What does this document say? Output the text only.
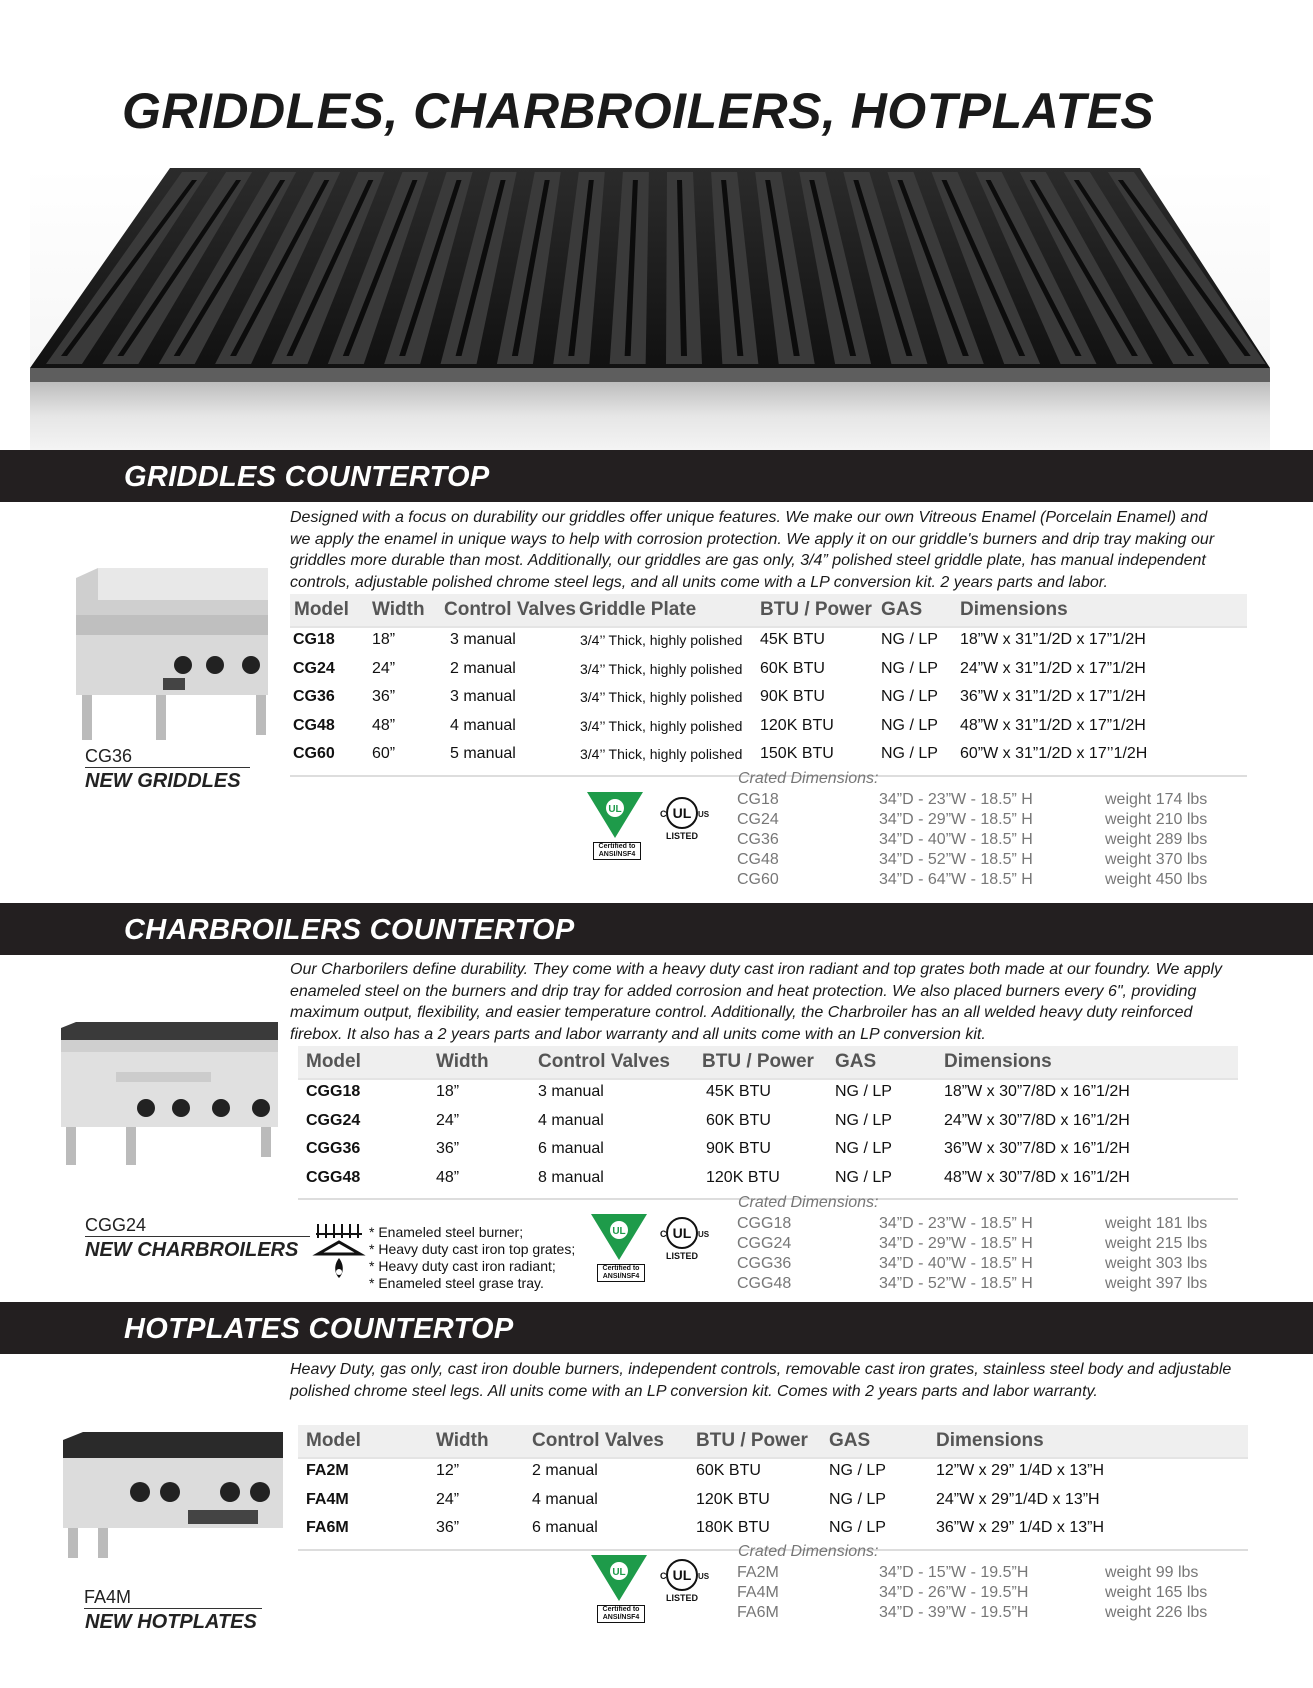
GRIDDLES, CHARBROILERS, HOTPLATES
GRIDDLES COUNTERTOP
Designed with a focus on durability our griddles offer unique features. We make our own Vitreous Enamel (Porcelain Enamel) and
we apply the enamel in unique ways to help with corrosion protection. We apply it on our griddle's burners and drip tray making our
griddles more durable than most. Additionally, our griddles are gas only, 3/4” polished steel griddle plate, has manual independent
controls, adjustable polished chrome steel legs, and all units come with a LP conversion kit. 2 years parts and labor.
CG36
NEW GRIDDLES
Model Width Control Valves Griddle Plate	BTU / Power GAS Dimensions
CG18 18”	3 manual	3/4’’ Thick, highly polished 45K BTU	NG / LP 18”W x 31”1/2D x 17”1/2H
CG24 24”	2 manual	3/4’’ Thick, highly polished 60K BTU	NG / LP 24”W x 31”1/2D x 17”1/2H
CG36 36”	3 manual	3/4’’ Thick, highly polished 90K BTU	NG / LP 36”W x 31”1/2D x 17”1/2H
CG48 48”	4 manual	3/4’’ Thick, highly polished 120K BTU	NG / LP 48”W x 31”1/2D x 17”1/2H
CG60 60”	5 manual	3/4’’ Thick, highly polished 150K BTU	NG / LP 60”W x 31”1/2D x 17’’1/2H
UL
Certified to ANSI/NSF4
UL
C	US
LISTED
Crated Dimensions:
CG18	34”D - 23”W - 18.5” H	weight 174 lbs
CG24	34”D - 29”W - 18.5” H	weight 210 lbs
CG36	34”D - 40”W - 18.5” H	weight 289 lbs
CG48	34”D - 52”W - 18.5” H	weight 370 lbs
CG60	34”D - 64”W - 18.5” H	weight 450 lbs
CHARBROILERS COUNTERTOP
Our Charborilers define durability. They come with a heavy duty cast iron radiant and top grates both made at our foundry. We apply
enameled steel on the burners and drip tray for added corrosion and heat protection. We also placed burners every 6", providing
maximum output, flexibility, and easier temperature control. Additionally, the Charbroiler has an all welded heavy duty reinforced
firebox. It also has a 2 years parts and labor warranty and all units come with an LP conversion kit.
CGG24
NEW CHARBROILERS
Model	Width	Control Valves BTU / Power GAS	Dimensions
CGG18	18”	3 manual	45K BTU	NG / LP	18”W x 30”7/8D x 16”1/2H
CGG24	24”	4 manual	60K BTU	NG / LP	24”W x 30”7/8D x 16”1/2H
CGG36	36”	6 manual	90K BTU	NG / LP	36”W x 30”7/8D x 16”1/2H
CGG48	48”	8 manual	120K BTU	NG / LP	48”W x 30”7/8D x 16”1/2H
* Enameled steel burner;
* Heavy duty cast iron top grates;
* Heavy duty cast iron radiant;
* Enameled steel grase tray.
UL
Certified to ANSI/NSF4
UL
C	US
LISTED
Crated Dimensions:
CGG18	34”D - 23”W - 18.5” H	weight 181 lbs
CGG24	34”D - 29”W - 18.5” H	weight 215 lbs
CGG36	34”D - 40”W - 18.5” H	weight 303 lbs
CGG48	34”D - 52”W - 18.5” H	weight 397 lbs
HOTPLATES COUNTERTOP
Heavy Duty, gas only, cast iron double burners, independent controls, removable cast iron grates, stainless steel body and adjustable
polished chrome steel legs. All units come with an LP conversion kit. Comes with 2 years parts and labor warranty.
FA4M
NEW HOTPLATES
Model	Width Control Valves BTU / Power GAS	Dimensions
FA2M	12”	2 manual	60K BTU	NG / LP	12”W x 29” 1/4D x 13”H
FA4M	24”	4 manual	120K BTU	NG / LP	24”W x 29”1/4D x 13”H
FA6M	36”	6 manual	180K BTU	NG / LP	36”W x 29” 1/4D x 13”H
UL
Certified to ANSI/NSF4
UL
C	US
LISTED
Crated Dimensions:
FA2M	34”D - 15”W - 19.5”H	weight 99 lbs
FA4M	34”D - 26”W - 19.5”H	weight 165 lbs
FA6M	34”D - 39”W - 19.5”H	weight 226 lbs
